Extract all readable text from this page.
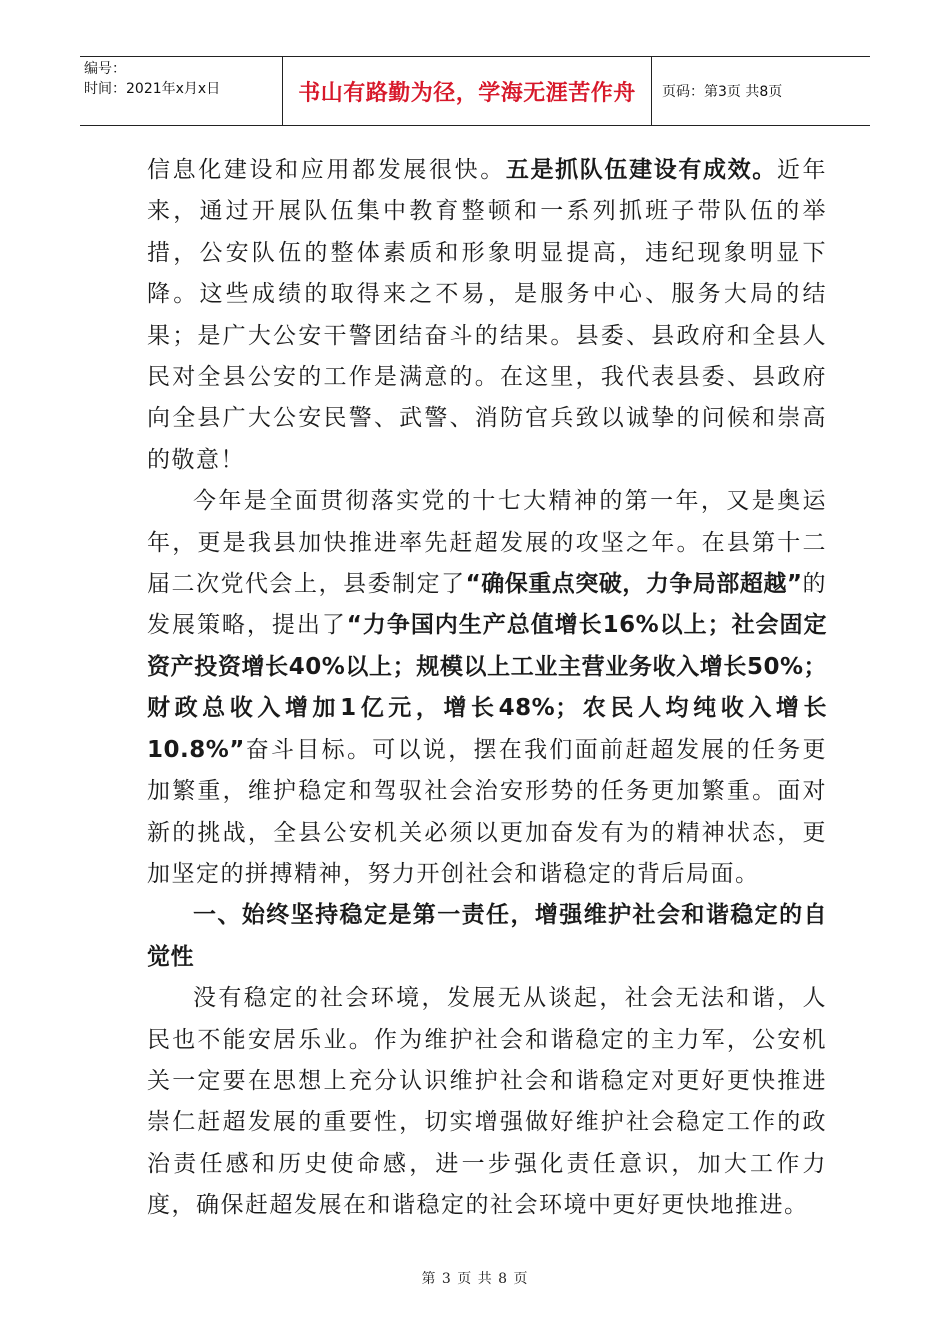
编号：
时间：2021年x月x日	书山有路勤为径，学海无涯苦作舟	页码：第3页 共8页

信息化建设和应用都发展很快。五是抓队伍建设有成效。近年来，通过开展队伍集中教育整顿和一系列抓班子带队伍的举措，公安队伍的整体素质和形象明显提高，违纪现象明显下降。这些成绩的取得来之不易，是服务中心、服务大局的结果；是广大公安干警团结奋斗的结果。县委、县政府和全县人民对全县公安的工作是满意的。在这里，我代表县委、县政府向全县广大公安民警、武警、消防官兵致以诚挚的问候和崇高的敬意！

今年是全面贯彻落实党的十七大精神的第一年，又是奥运年，更是我县加快推进率先赶超发展的攻坚之年。在县第十二届二次党代会上，县委制定了“确保重点突破，力争局部超越”的发展策略，提出了“力争国内生产总值增长16%以上；社会固定资产投资增长40%以上；规模以上工业主营业务收入增长50%；财政总收入增加1亿元，增长48%；农民人均纯收入增长10.8%”奋斗目标。可以说，摆在我们面前赶超发展的任务更加繁重，维护稳定和驾驭社会治安形势的任务更加繁重。面对新的挑战，全县公安机关必须以更加奋发有为的精神状态，更加坚定的拼搏精神，努力开创社会和谐稳定的背后局面。

一、始终坚持稳定是第一责任，增强维护社会和谐稳定的自觉性

没有稳定的社会环境，发展无从谈起，社会无法和谐，人民也不能安居乐业。作为维护社会和谐稳定的主力军，公安机关一定要在思想上充分认识维护社会和谐稳定对更好更快推进崇仁赶超发展的重要性，切实增强做好维护社会稳定工作的政治责任感和历史使命感，进一步强化责任意识，加大工作力度，确保赶超发展在和谐稳定的社会环境中更好更快地推进。

第 3 页 共 8 页
